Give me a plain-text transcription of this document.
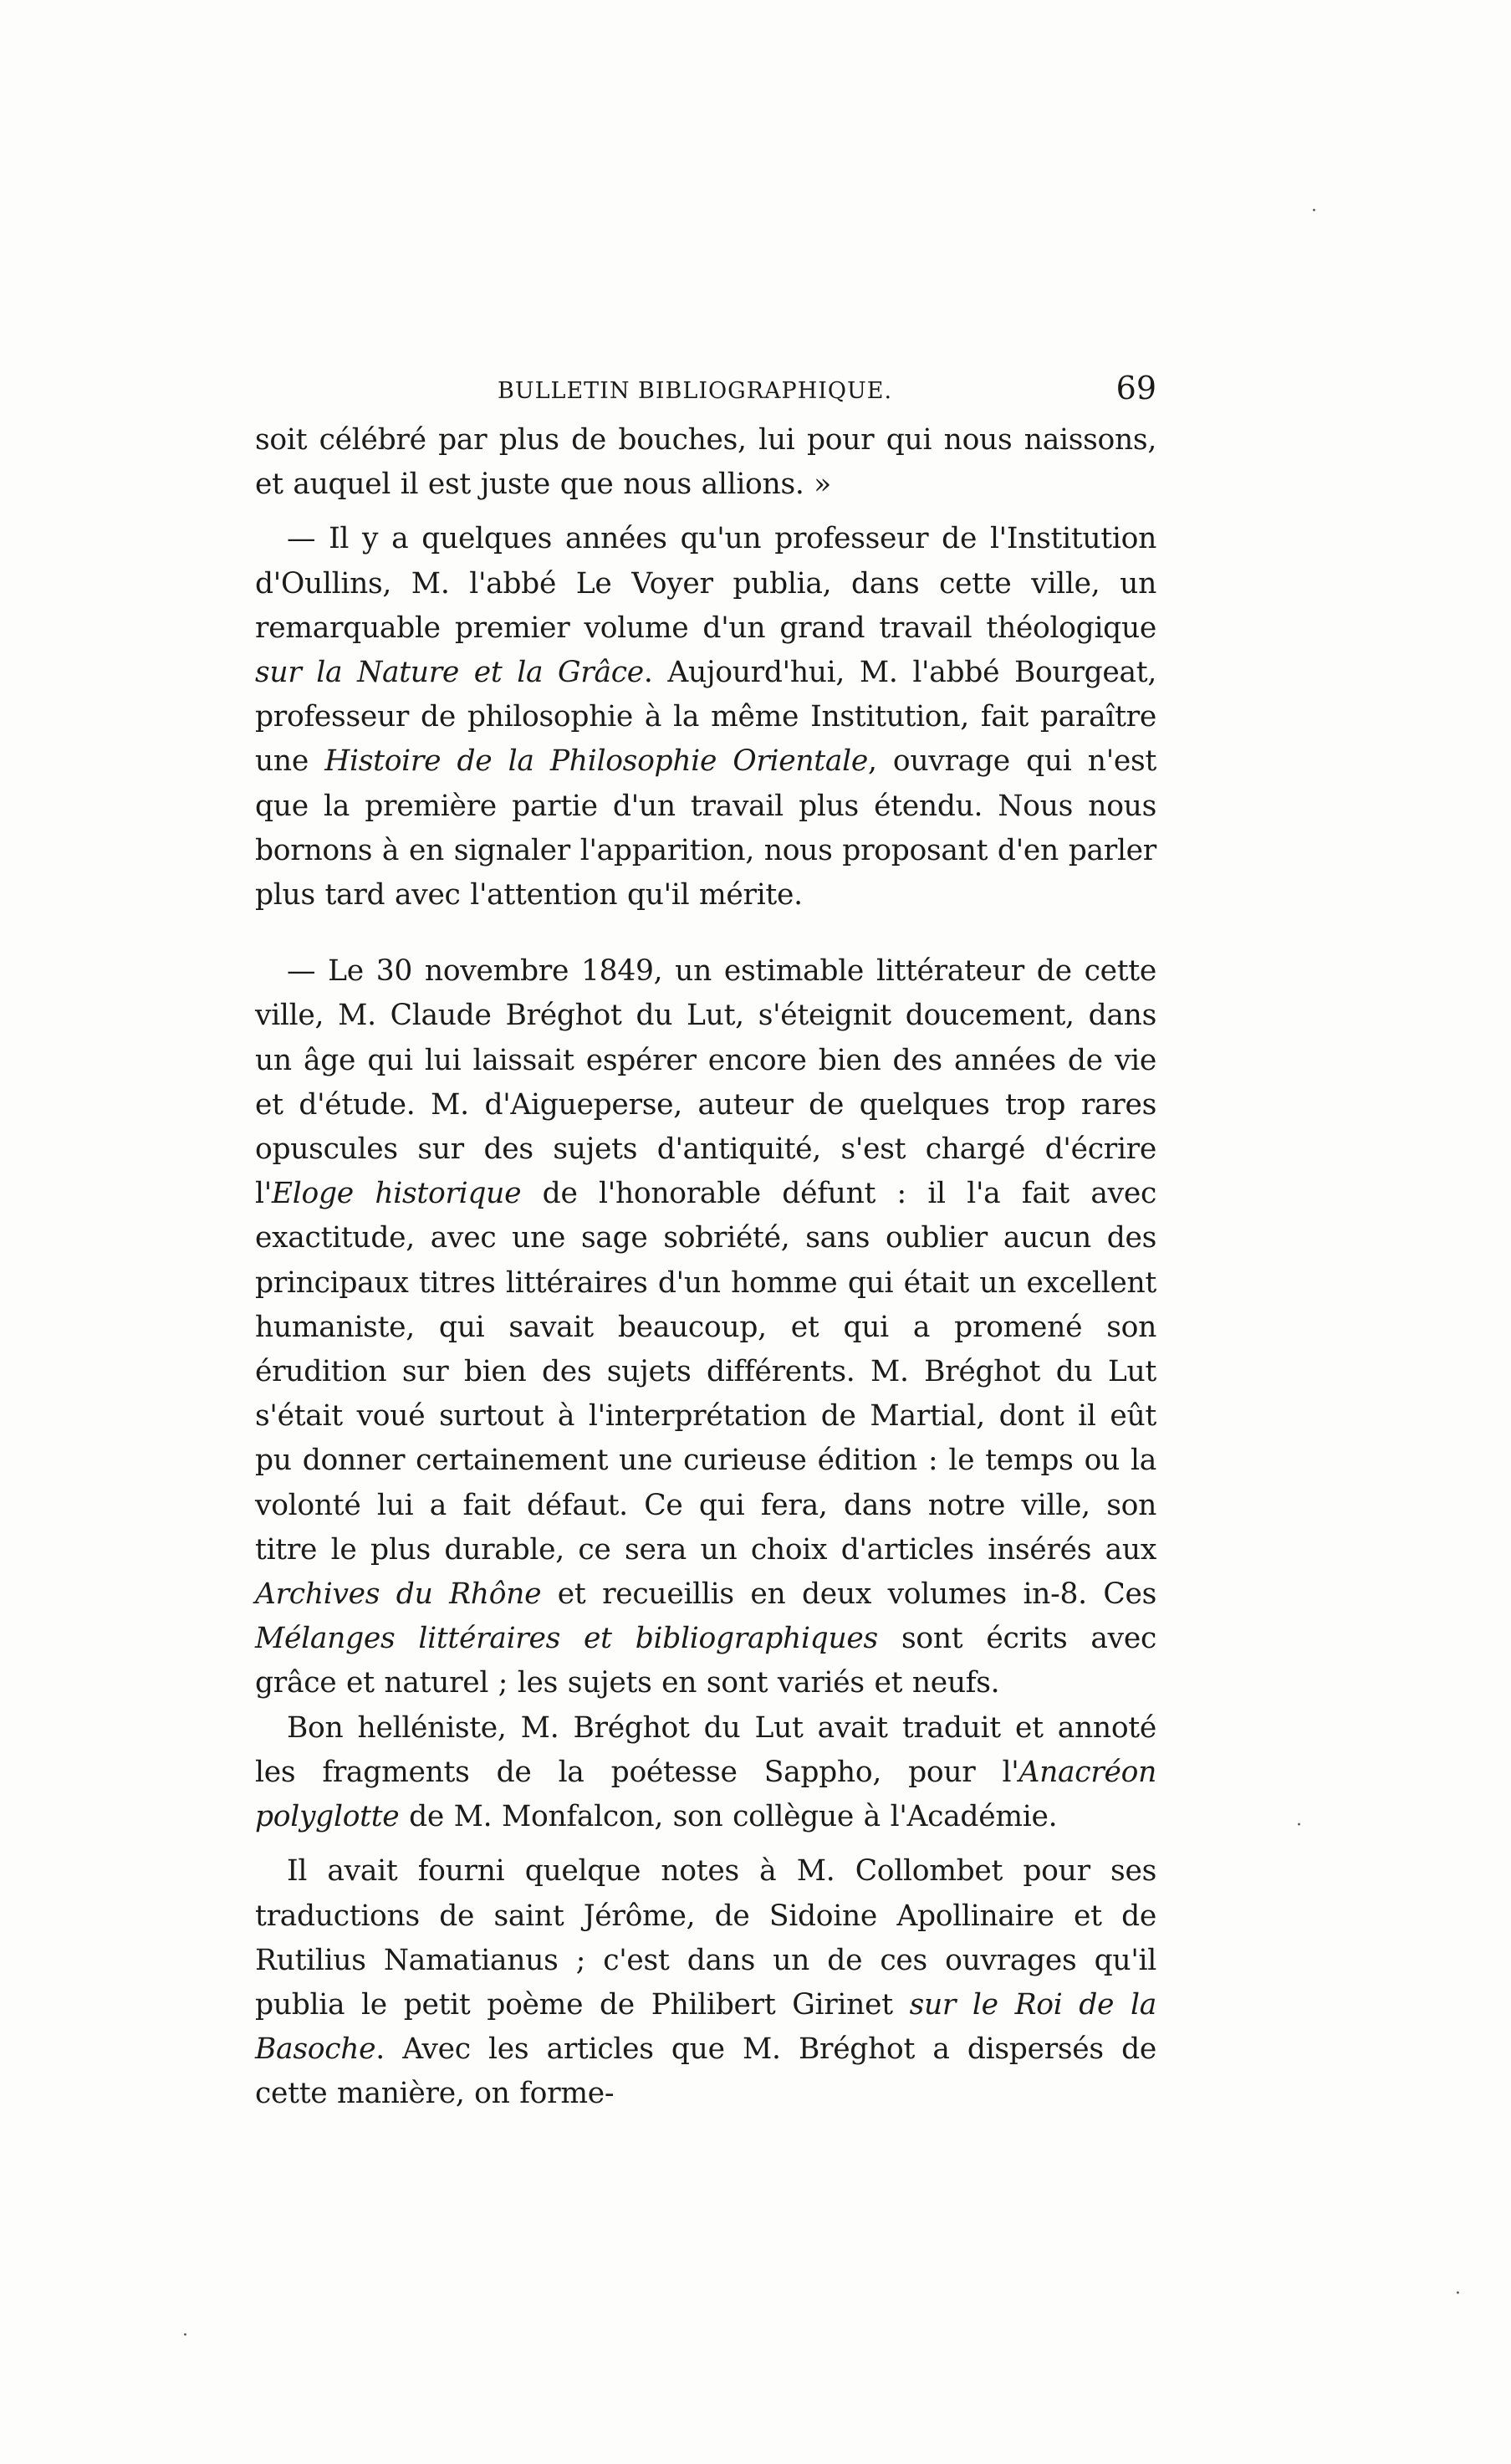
BULLETIN BIBLIOGRAPHIQUE.	69

soit célébré par plus de bouches, lui pour qui nous naissons, et auquel il est juste que nous allions. »

— Il y a quelques années qu'un professeur de l'Institution d'Oullins, M. l'abbé Le Voyer publia, dans cette ville, un remarquable premier volume d'un grand travail théologique sur la Nature et la Grâce. Aujourd'hui, M. l'abbé Bourgeat, professeur de philosophie à la même Institution, fait paraître une Histoire de la Philosophie Orientale, ouvrage qui n'est que la première partie d'un travail plus étendu. Nous nous bornons à en signaler l'apparition, nous proposant d'en parler plus tard avec l'attention qu'il mérite.

— Le 30 novembre 1849, un estimable littérateur de cette ville, M. Claude Bréghot du Lut, s'éteignit doucement, dans un âge qui lui laissait espérer encore bien des années de vie et d'étude. M. d'Aigueperse, auteur de quelques trop rares opuscules sur des sujets d'antiquité, s'est chargé d'écrire l'Eloge historique de l'honorable défunt : il l'a fait avec exactitude, avec une sage sobriété, sans oublier aucun des principaux titres littéraires d'un homme qui était un excellent humaniste, qui savait beaucoup, et qui a promené son érudition sur bien des sujets différents. M. Bréghot du Lut s'était voué surtout à l'interprétation de Martial, dont il eût pu donner certainement une curieuse édition : le temps ou la volonté lui a fait défaut. Ce qui fera, dans notre ville, son titre le plus durable, ce sera un choix d'articles insérés aux Archives du Rhône et recueillis en deux volumes in-8. Ces Mélanges littéraires et bibliographiques sont écrits avec grâce et naturel ; les sujets en sont variés et neufs.

Bon helléniste, M. Bréghot du Lut avait traduit et annoté les fragments de la poétesse Sappho, pour l'Anacréon polyglotte de M. Monfalcon, son collègue à l'Académie.

Il avait fourni quelque notes à M. Collombet pour ses traductions de saint Jérôme, de Sidoine Apollinaire et de Rutilius Namatianus ; c'est dans un de ces ouvrages qu'il publia le petit poème de Philibert Girinet sur le Roi de la Basoche. Avec les articles que M. Bréghot a dispersés de cette manière, on forme-

·
·
·
·
